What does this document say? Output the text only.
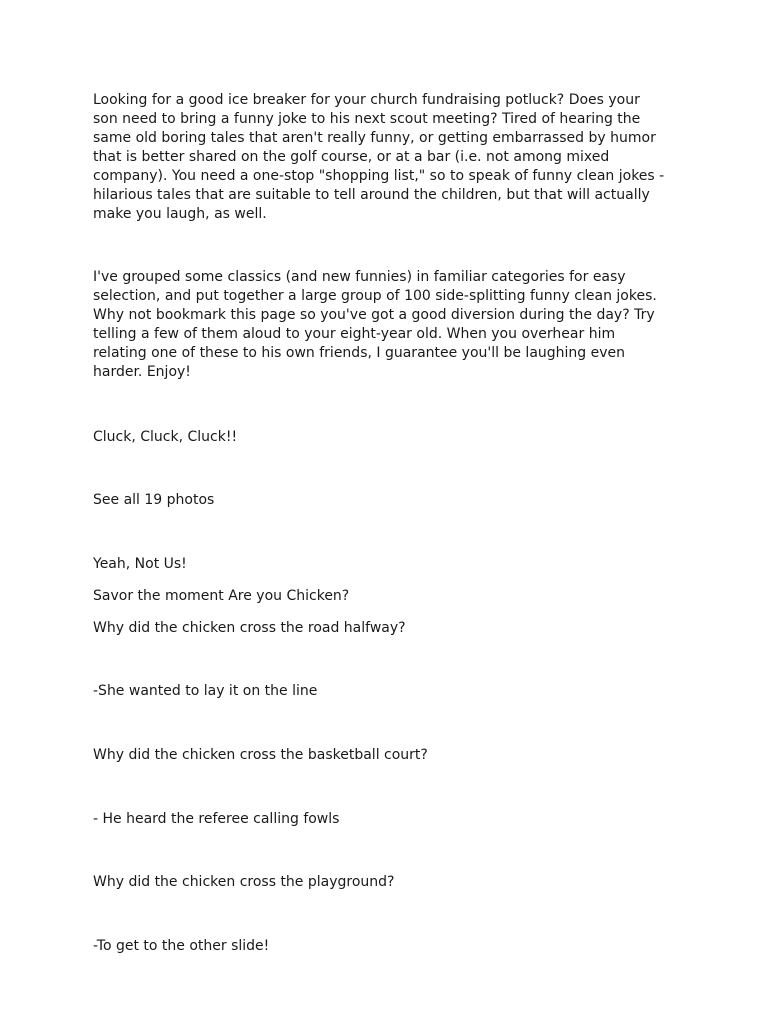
Looking for a good ice breaker for your church fundraising potluck? Does your
son need to bring a funny joke to his next scout meeting? Tired of hearing the
same old boring tales that aren't really funny, or getting embarrassed by humor
that is better shared on the golf course, or at a bar (i.e. not among mixed
company). You need a one-stop "shopping list," so to speak of funny clean jokes -
hilarious tales that are suitable to tell around the children, but that will actually
make you laugh, as well.
I've grouped some classics (and new funnies) in familiar categories for easy
selection, and put together a large group of 100 side-splitting funny clean jokes.
Why not bookmark this page so you've got a good diversion during the day? Try
telling a few of them aloud to your eight-year old. When you overhear him
relating one of these to his own friends, I guarantee you'll be laughing even
harder. Enjoy!

Cluck, Cluck, Cluck!!

See all 19 photos

Yeah, Not Us!

Savor the moment Are you Chicken?

Why did the chicken cross the road halfway?

-She wanted to lay it on the line

Why did the chicken cross the basketball court?

- He heard the referee calling fowls

Why did the chicken cross the playground?

-To get to the other slide!
